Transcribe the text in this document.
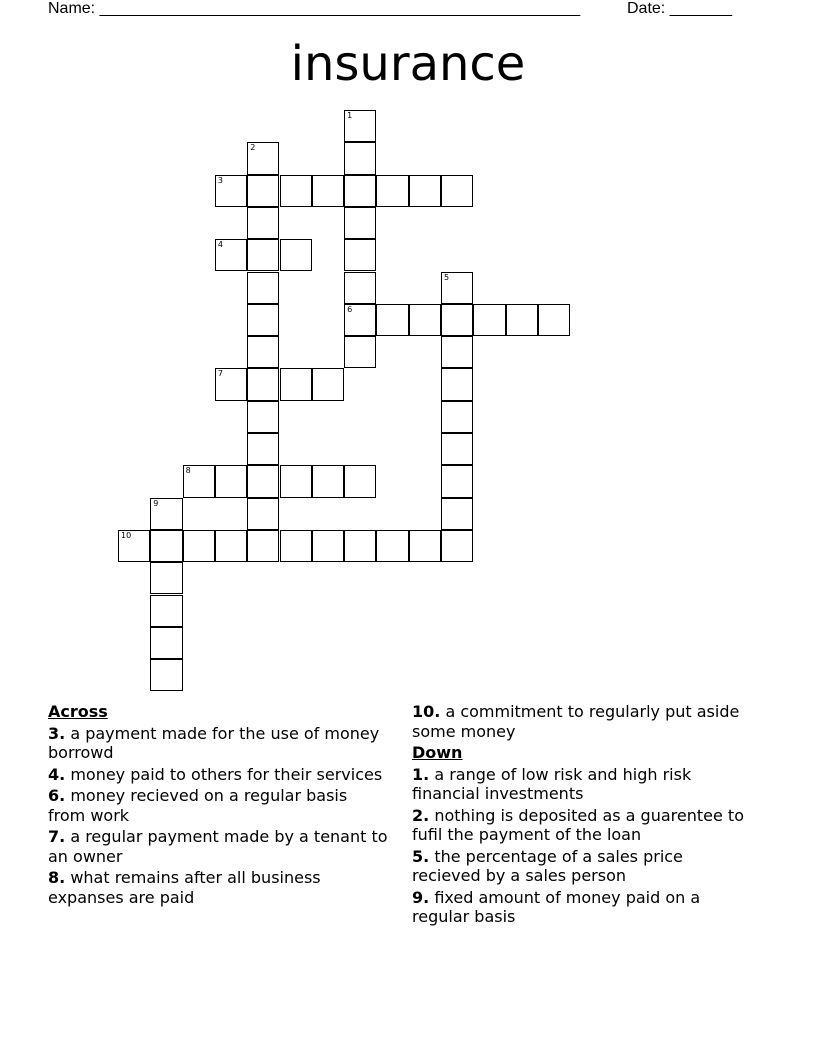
Name: ______________________________________________________	Date: _______
insurance
1
6
2
3
4
5
7
8
9
10
Across
3. a payment made for the use of money borrowd
4. money paid to others for their services
6. money recieved on a regular basis from work
7. a regular payment made by a tenant to an owner
8. what remains after all business expanses are paid
10. a commitment to regularly put aside some money
Down
1. a range of low risk and high risk financial investments
2. nothing is deposited as a guarentee to fufil the payment of the loan
5. the percentage of a sales price recieved by a sales person
9. fixed amount of money paid on a regular basis
